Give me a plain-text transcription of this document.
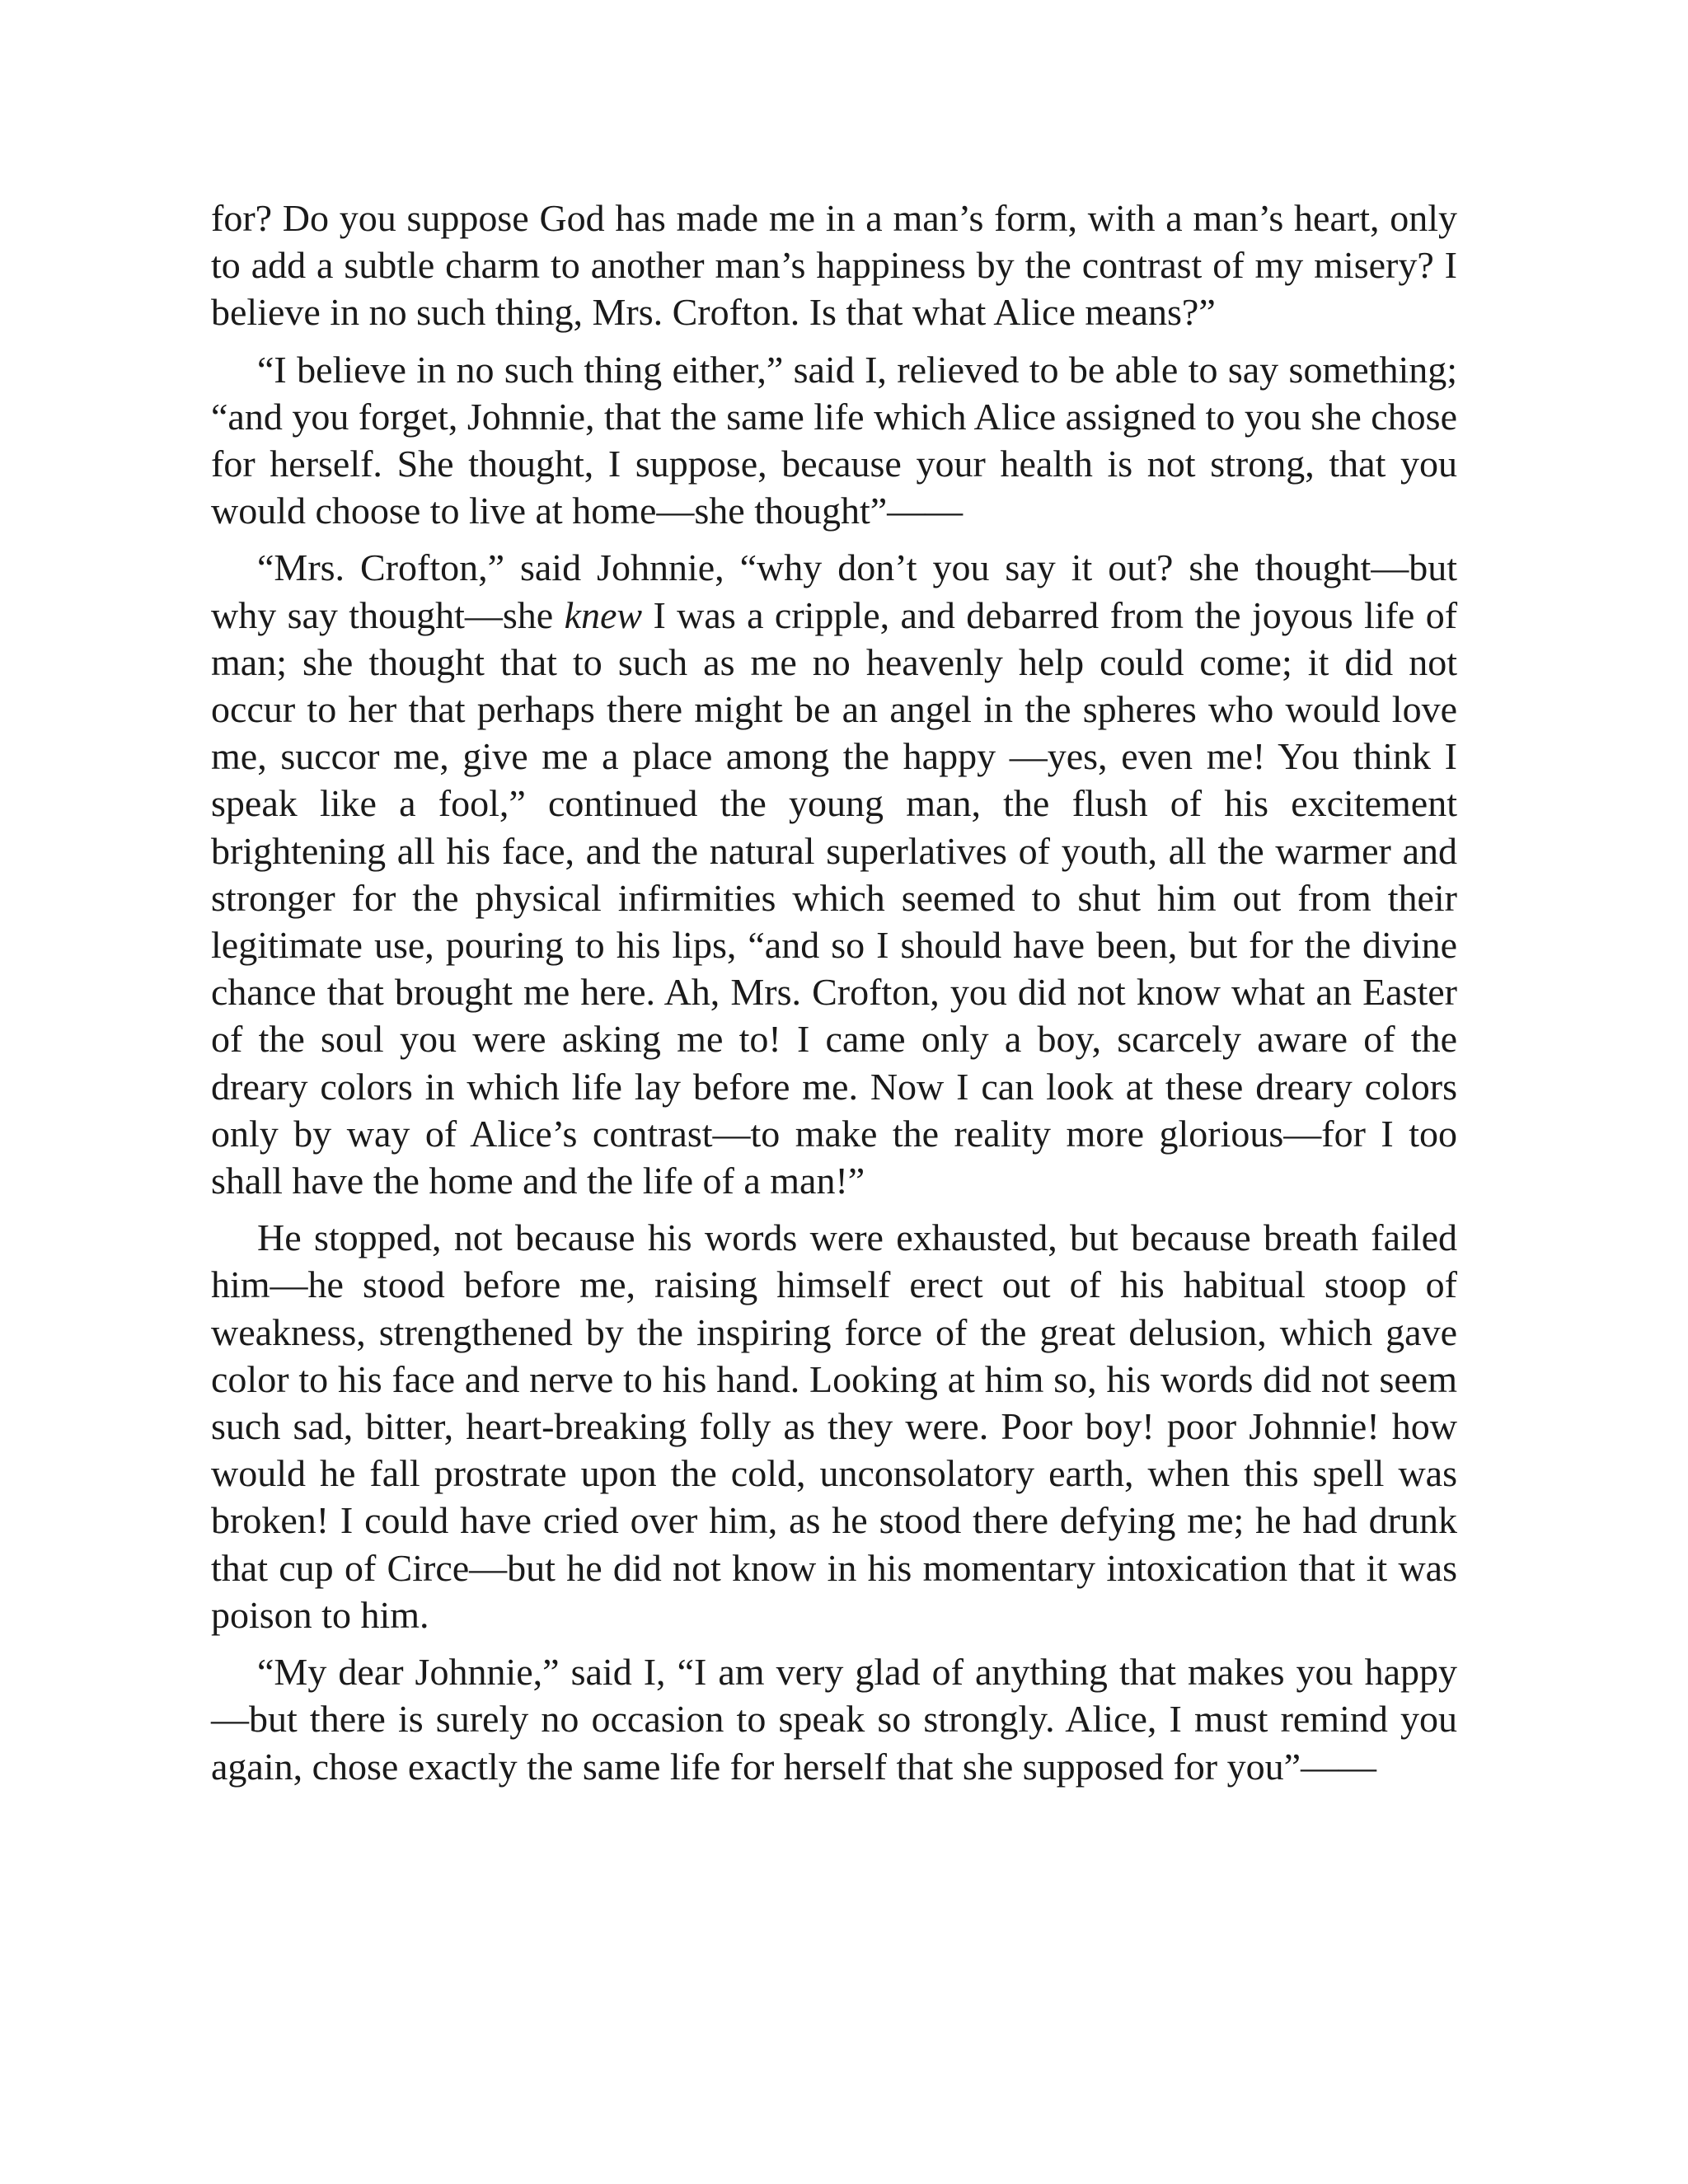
for? Do you suppose God has made me in a man’s form, with a man’s heart, only to add a subtle charm to another man’s happiness by the contrast of my misery? I believe in no such thing, Mrs. Crofton. Is that what Alice means?”

“I believe in no such thing either,” said I, relieved to be able to say something; “and you forget, Johnnie, that the same life which Alice assigned to you she chose for herself. She thought, I suppose, because your health is not strong, that you would choose to live at home—she thought”——

“Mrs. Crofton,” said Johnnie, “why don’t you say it out? she thought—but why say thought—she knew I was a cripple, and debarred from the joyous life of man; she thought that to such as me no heavenly help could come; it did not occur to her that perhaps there might be an angel in the spheres who would love me, succor me, give me a place among the happy —yes, even me! You think I speak like a fool,” continued the young man, the flush of his excitement brightening all his face, and the natural superlatives of youth, all the warmer and stronger for the physical infirmities which seemed to shut him out from their legitimate use, pouring to his lips, “and so I should have been, but for the divine chance that brought me here. Ah, Mrs. Crofton, you did not know what an Easter of the soul you were asking me to! I came only a boy, scarcely aware of the dreary colors in which life lay before me. Now I can look at these dreary colors only by way of Alice’s contrast—to make the reality more glorious—for I too shall have the home and the life of a man!”

He stopped, not because his words were exhausted, but because breath failed him—he stood before me, raising himself erect out of his habitual stoop of weakness, strengthened by the inspiring force of the great delusion, which gave color to his face and nerve to his hand. Looking at him so, his words did not seem such sad, bitter, heart-breaking folly as they were. Poor boy! poor Johnnie! how would he fall prostrate upon the cold, unconsolatory earth, when this spell was broken! I could have cried over him, as he stood there defying me; he had drunk that cup of Circe—but he did not know in his momentary intoxication that it was poison to him.

“My dear Johnnie,” said I, “I am very glad of anything that makes you happy—but there is surely no occasion to speak so strongly. Alice, I must remind you again, chose exactly the same life for herself that she supposed for you”——
